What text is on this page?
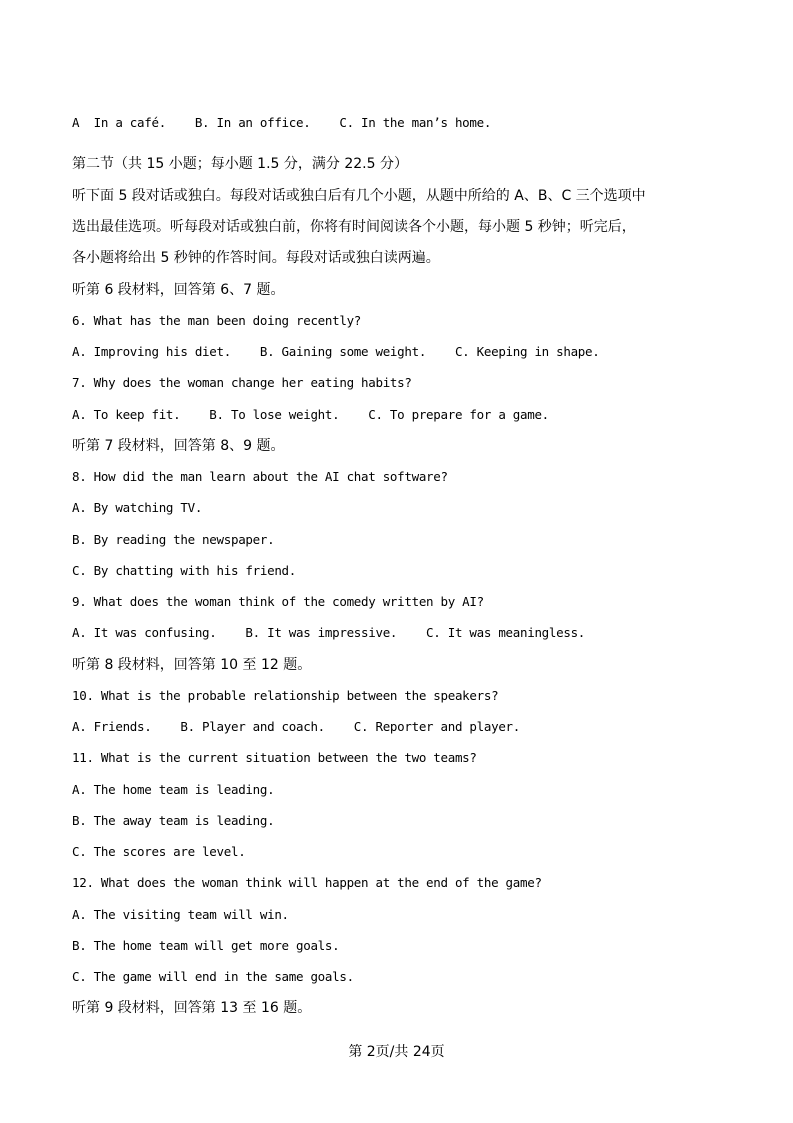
A  In a café.    B. In an office.    C. In the man’s home.
第二节（共 15 小题；每小题 1.5 分，满分 22.5 分）
听下面 5 段对话或独白。每段对话或独白后有几个小题，从题中所给的 A、B、C 三个选项中
选出最佳选项。听每段对话或独白前，你将有时间阅读各个小题，每小题 5 秒钟；听完后，
各小题将给出 5 秒钟的作答时间。每段对话或独白读两遍。
听第 6 段材料，回答第 6、7 题。
6. What has the man been doing recently?
A. Improving his diet.    B. Gaining some weight.    C. Keeping in shape.
7. Why does the woman change her eating habits?
A. To keep fit.    B. To lose weight.    C. To prepare for a game.
听第 7 段材料，回答第 8、9 题。
8. How did the man learn about the AI chat software?
A. By watching TV.
B. By reading the newspaper.
C. By chatting with his friend.
9. What does the woman think of the comedy written by AI?
A. It was confusing.    B. It was impressive.    C. It was meaningless.
听第 8 段材料，回答第 10 至 12 题。
10. What is the probable relationship between the speakers?
A. Friends.    B. Player and coach.    C. Reporter and player.
11. What is the current situation between the two teams?
A. The home team is leading.
B. The away team is leading.
C. The scores are level.
12. What does the woman think will happen at the end of the game?
A. The visiting team will win.
B. The home team will get more goals.
C. The game will end in the same goals.
听第 9 段材料，回答第 13 至 16 题。
第 2页/共 24页
